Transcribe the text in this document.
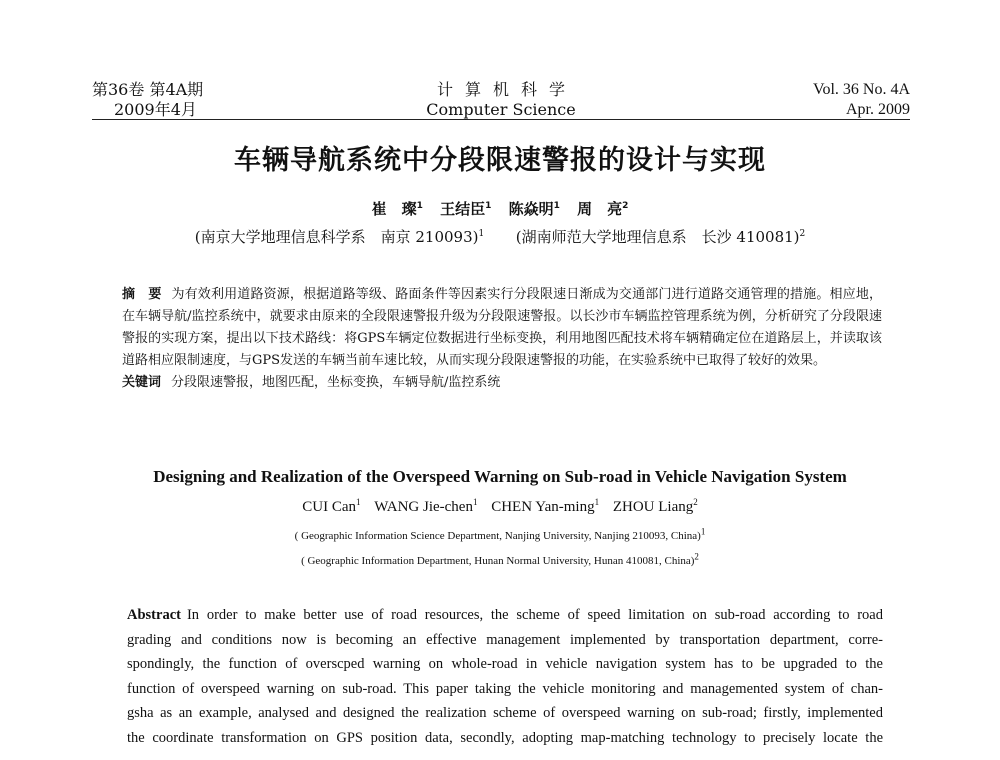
第36卷 第4A期
2009年4月
计算机科学
Computer Science
Vol. 36 No. 4A
Apr. 2009
车辆导航系统中分段限速警报的设计与实现
崔　璨$^1$ 王结臣$^1$ 陈焱明$^1$ 周　亮$^2$
(南京大学地理信息科学系　南京 210093)$^1$ (湖南师范大学地理信息系　长沙 410081)$^2$
摘　要 为有效利用道路资源，根据道路等级、路面条件等因素实行分段限速日渐成为交通部门进行道路交通管理的措施。相应地，在车辆导航/监控系统中，就要求由原来的全段限速警报升级为分段限速警报。以长沙市车辆监控管理系统为例，分析研究了分段限速警报的实现方案，提出以下技术路线：将GPS车辆定位数据进行坐标变换，利用地图匹配技术将车辆精确定位在道路层上，并读取该道路相应限制速度，与GPS发送的车辆当前车速比较，从而实现分段限速警报的功能，在实验系统中已取得了较好的效果。
关键词 分段限速警报，地图匹配，坐标变换，车辆导航/监控系统
Designing and Realization of the Overspeed Warning on Sub-road in Vehicle Navigation System
CUI Can$^1$ WANG Jie-chen$^1$ CHEN Yan-ming$^1$ ZHOU Liang$^2$
( Geographic Information Science Department, Nanjing University, Nanjing 210093, China)$^1$
( Geographic Information Department, Hunan Normal University, Hunan 410081, China)$^2$
Abstract In order to make better use of road resources, the scheme of speed limitation on sub-road according to road
grading and conditions now is becoming an effective management implemented by transportation department, corre-
spondingly, the function of overscped warning on whole-road in vehicle navigation system has to be upgraded to the
function of overspeed warning on sub-road. This paper taking the vehicle monitoring and managemented system of chan-
gsha as an example, analysed and designed the realization scheme of overspeed warning on sub-road; firstly, implemented
the coordinate transformation on GPS position data, secondly, adopting map-matching technology to precisely locate the
